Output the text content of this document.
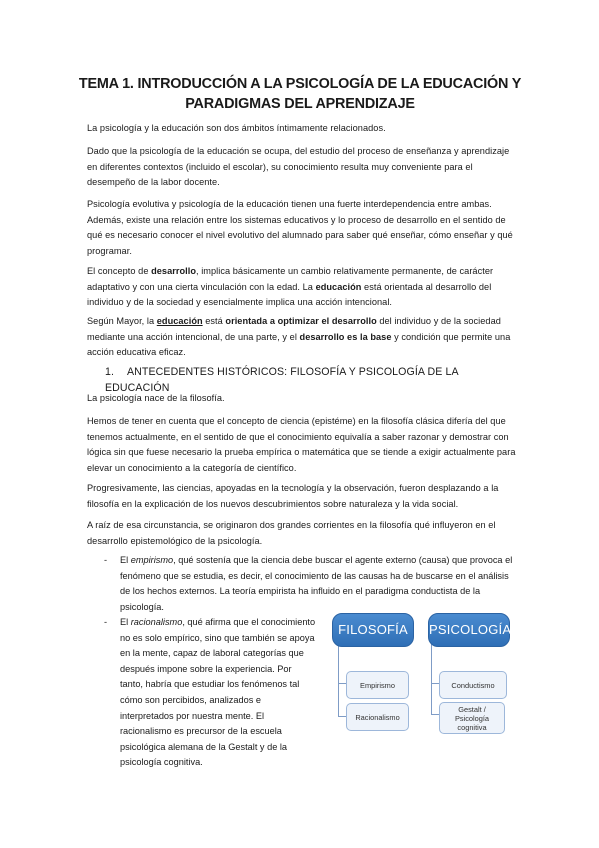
TEMA 1. INTRODUCCIÓN A LA PSICOLOGÍA DE LA EDUCACIÓN Y
PARADIGMAS DEL APRENDIZAJE
La psicología y la educación son dos ámbitos íntimamente relacionados.
Dado que la psicología de la educación se ocupa, del estudio del proceso de enseñanza y aprendizaje en diferentes contextos (incluido el escolar), su conocimiento resulta muy conveniente para el desempeño de la labor docente.
Psicología evolutiva y psicología de la educación tienen una fuerte interdependencia entre ambas. Además, existe una relación entre los sistemas educativos y lo proceso de desarrollo en el sentido de qué es necesario conocer el nivel evolutivo del alumnado para saber qué enseñar, cómo enseñar y qué programar.
El concepto de desarrollo, implica básicamente un cambio relativamente permanente, de carácter adaptativo y con una cierta vinculación con la edad. La educación está orientada al desarrollo del individuo y de la sociedad y esencialmente implica una acción intencional.
Según Mayor, la educación está orientada a optimizar el desarrollo del individuo y de la sociedad mediante una acción intencional, de una parte, y el desarrollo es la base y condición que permite una acción educativa eficaz.
1. ANTECEDENTES HISTÓRICOS: FILOSOFÍA Y PSICOLOGÍA DE LA EDUCACIÓN
La psicología nace de la filosofía.
Hemos de tener en cuenta que el concepto de ciencia (epistéme) en la filosofía clásica difería del que tenemos actualmente, en el sentido de que el conocimiento equivalía a saber razonar y demostrar con lógica sin que fuese necesario la prueba empírica o matemática que se tiende a exigir actualmente para elevar un conocimiento a la categoría de científico.
Progresivamente, las ciencias, apoyadas en la tecnología y la observación, fueron desplazando a la filosofía en la explicación de los nuevos descubrimientos sobre naturaleza y la vida social.
A raíz de esa circunstancia, se originaron dos grandes corrientes en la filosofía qué influyeron en el desarrollo epistemológico de la psicología.
- El empirismo, qué sostenía que la ciencia debe buscar el agente externo (causa) que provoca el fenómeno que se estudia, es decir, el conocimiento de las causas ha de buscarse en el análisis de los hechos externos. La teoría empirista ha influido en el paradigma conductista de la psicología.
- El racionalismo, qué afirma que el conocimiento no es solo empírico, sino que también se apoya en la mente, capaz de laboral categorías que después impone sobre la experiencia. Por tanto, habría que estudiar los fenómenos tal cómo son percibidos, analizados e interpretados por nuestra mente. El racionalismo es precursor de la escuela psicológica alemana de la Gestalt y de la psicología cognitiva.
FILOSOFÍA	PSICOLOGÍA
Empirismo
Racionalismo
Conductismo
Gestalt / Psicología cognitiva
